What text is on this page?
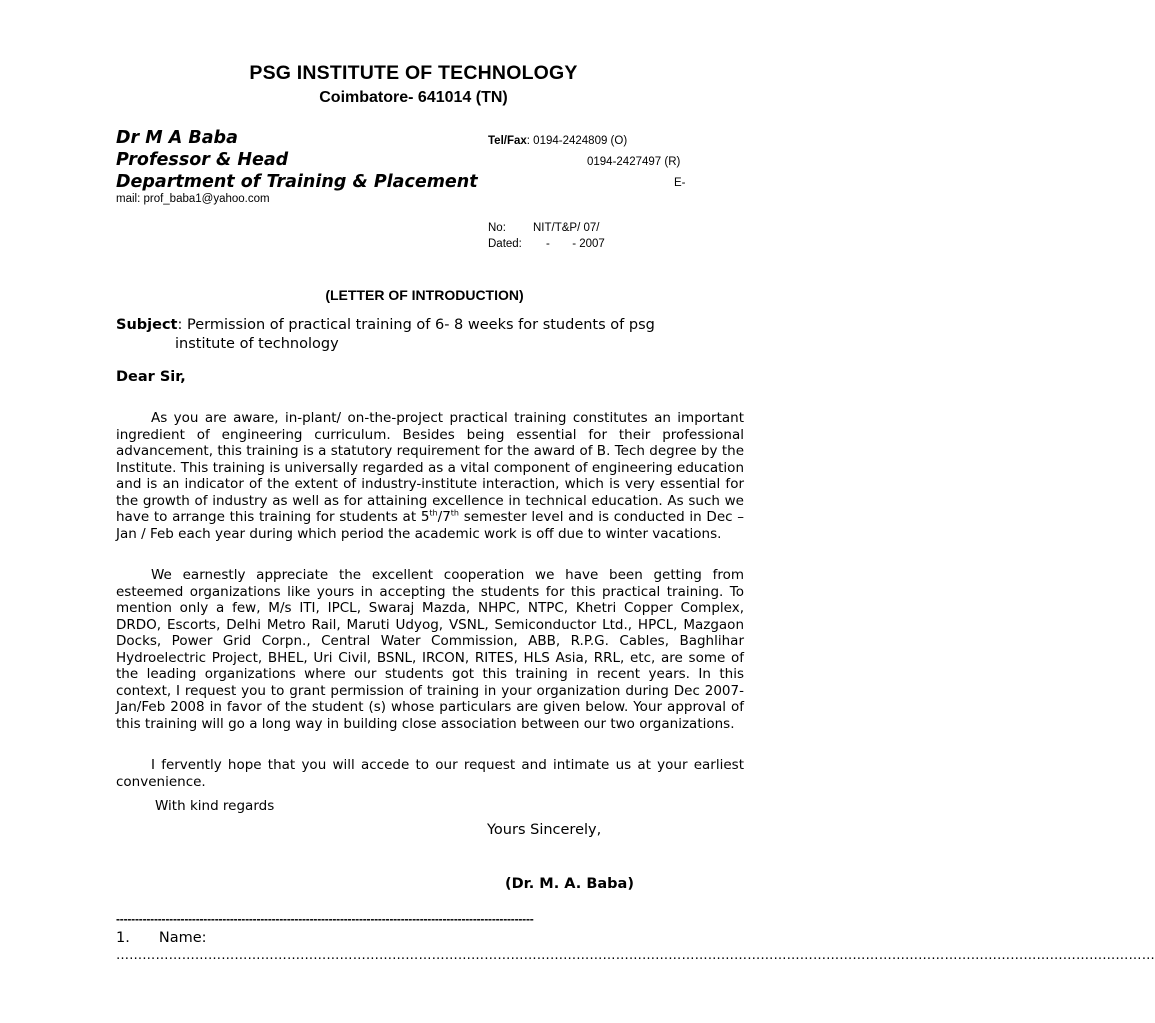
PSG INSTITUTE OF TECHNOLOGY
Coimbatore- 641014 (TN)
Dr M A Baba
Professor & Head
Department of Training & Placement
Tel/Fax: 0194-2424809 (O)
0194-2427497 (R)
E-
mail: prof_baba1@yahoo.com
No: NIT/T&P/ 07/
Dated: -       - 2007
(LETTER OF INTRODUCTION)
Subject: Permission of practical training of 6- 8 weeks for students of psg
institute of technology
Dear Sir,
As you are aware, in-plant/ on-the-project practical training constitutes an important ingredient of engineering curriculum. Besides being essential for their professional advancement, this training is a statutory requirement for the award of B. Tech degree by the Institute. This training is universally regarded as a vital component of engineering education and is an indicator of the extent of industry-institute interaction, which is very essential for the growth of industry as well as for attaining excellence in technical education. As such we have to arrange this training for students at 5th/7th semester level and is conducted in Dec –Jan / Feb each year during which period the academic work is off due to winter vacations.
We earnestly appreciate the excellent cooperation we have been getting from esteemed organizations like yours in accepting the students for this practical training. To mention only a few, M/s ITI, IPCL, Swaraj Mazda, NHPC, NTPC, Khetri Copper Complex, DRDO, Escorts, Delhi Metro Rail, Maruti Udyog, VSNL, Semiconductor Ltd., HPCL, Mazgaon Docks, Power Grid Corpn., Central Water Commission, ABB, R.P.G. Cables, Baghlihar Hydroelectric Project, BHEL, Uri Civil, BSNL, IRCON, RITES, HLS Asia, RRL, etc, are some of the leading organizations where our students got this training in recent years. In this context, I request you to grant permission of training in your organization during Dec 2007- Jan/Feb 2008 in favor of the student (s) whose particulars are given below. Your approval of this training will go a long way in building close association between our two organizations.
I fervently hope that you will accede to our request and intimate us at your earliest convenience.
With kind regards
Yours Sincerely,
(Dr. M. A. Baba)
--------------------------------------------------------------------------------------------------------------
1. Name:
…………………………………………………………………………………………………………………………………………………………………………………………………………………
